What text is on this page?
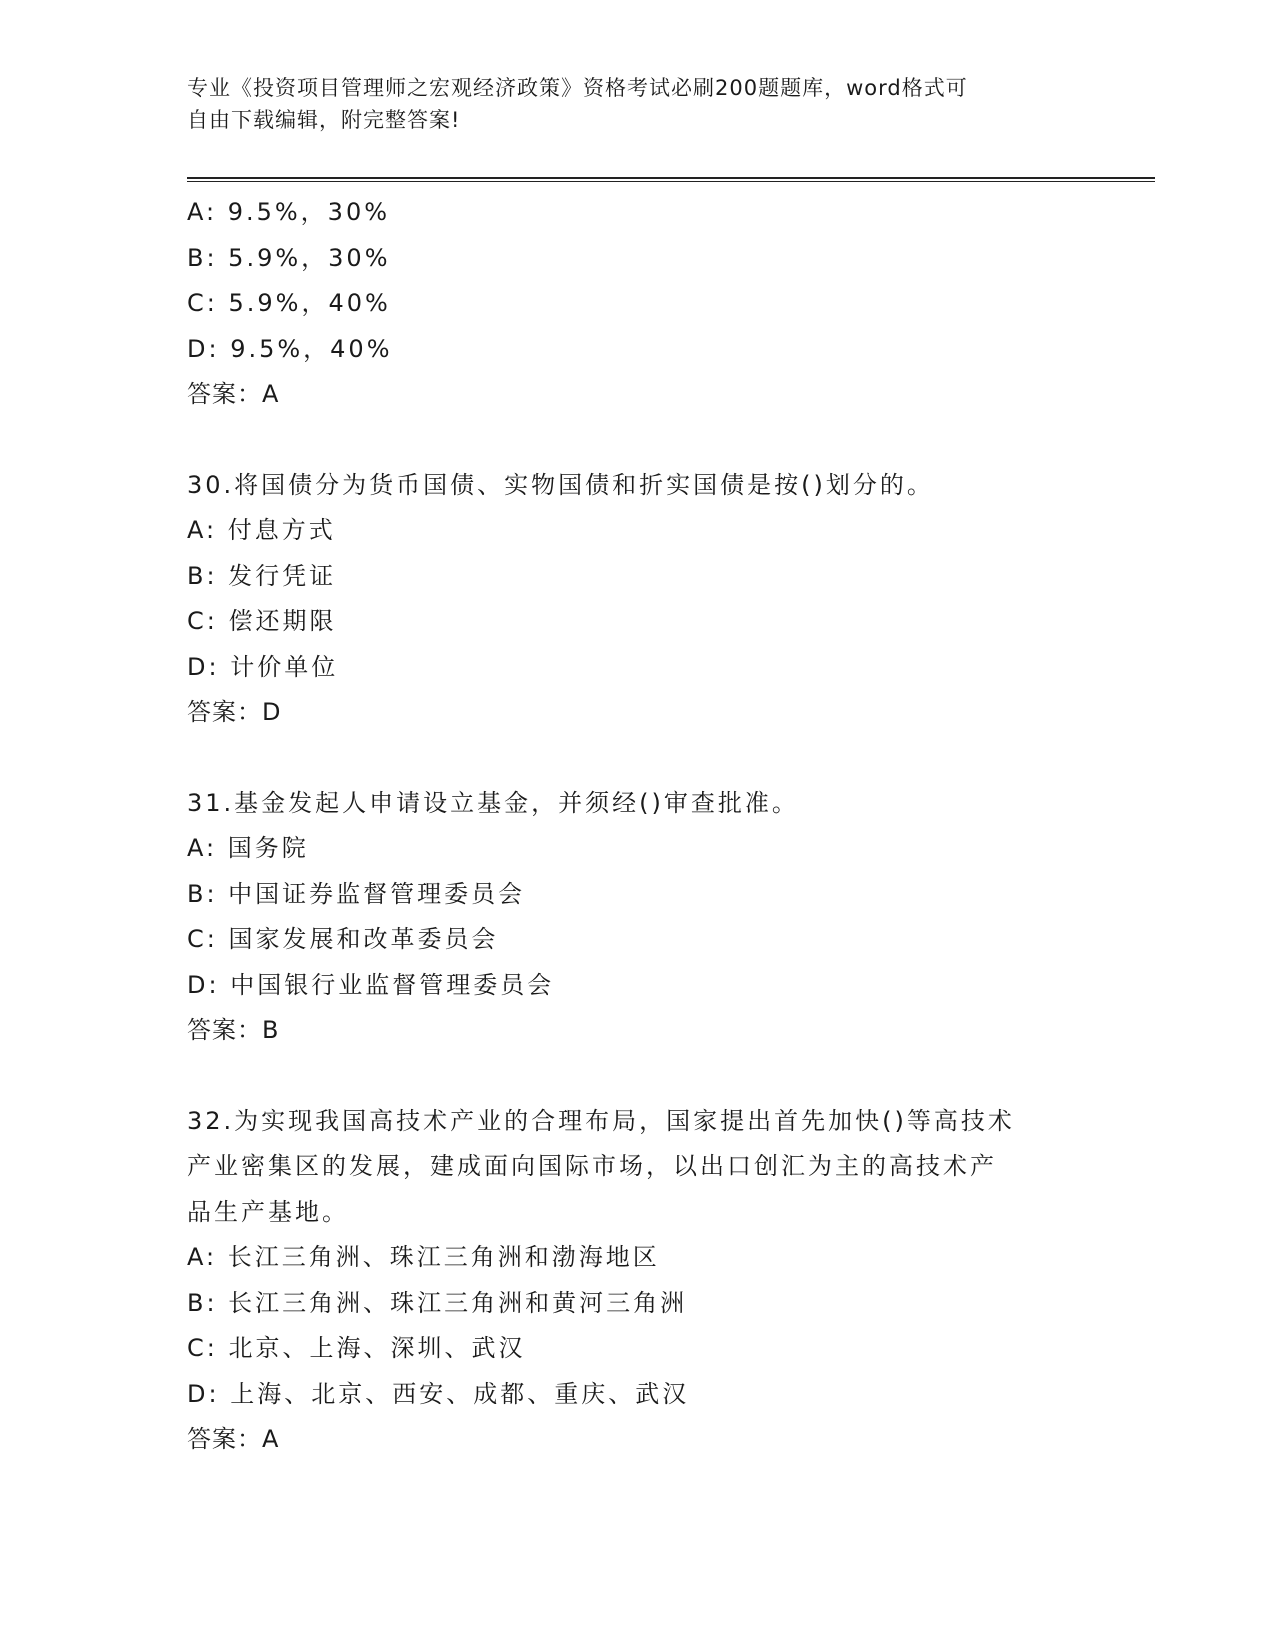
专业《投资项目管理师之宏观经济政策》资格考试必刷200题题库，word格式可
自由下载编辑，附完整答案!
A: 9.5%，30%
B: 5.9%，30%
C: 5.9%，40%
D: 9.5%，40%
答案：A
30.将国债分为货币国债、实物国债和折实国债是按()划分的。
A: 付息方式
B: 发行凭证
C: 偿还期限
D: 计价单位
答案：D
31.基金发起人申请设立基金，并须经()审查批准。
A: 国务院
B: 中国证券监督管理委员会
C: 国家发展和改革委员会
D: 中国银行业监督管理委员会
答案：B
32.为实现我国高技术产业的合理布局，国家提出首先加快()等高技术
产业密集区的发展，建成面向国际市场，以出口创汇为主的高技术产
品生产基地。
A: 长江三角洲、珠江三角洲和渤海地区
B: 长江三角洲、珠江三角洲和黄河三角洲
C: 北京、上海、深圳、武汉
D: 上海、北京、西安、成都、重庆、武汉
答案：A
